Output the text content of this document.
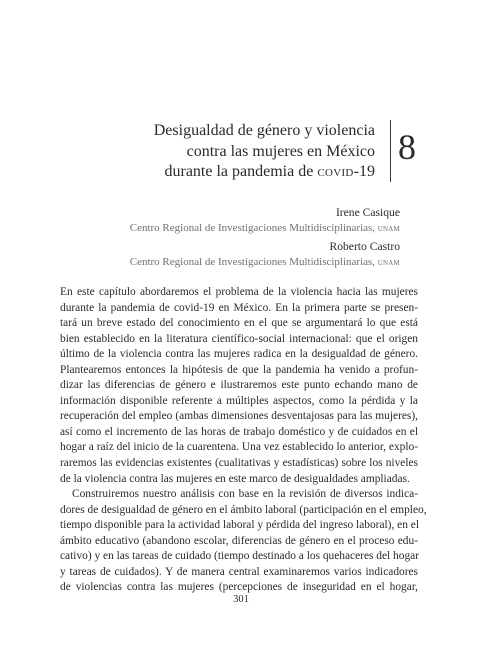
Desigualdad de género y violencia
contra las mujeres en México
durante la pandemia de covid-19
8
Irene Casique
Centro Regional de Investigaciones Multidisciplinarias, unam
Roberto Castro
Centro Regional de Investigaciones Multidisciplinarias, unam

En este capítulo abordaremos el problema de la violencia hacia las mujeres
durante la pandemia de covid-19 en México. En la primera parte se presen-
tará un breve estado del conocimiento en el que se argumentará lo que está
bien establecido en la literatura científico-social internacional: que el origen
último de la violencia contra las mujeres radica en la desigualdad de género.
Plantearemos entonces la hipótesis de que la pandemia ha venido a profun-
dizar las diferencias de género e ilustraremos este punto echando mano de
información disponible referente a múltiples aspectos, como la pérdida y la
recuperación del empleo (ambas dimensiones desventajosas para las mujeres),
así como el incremento de las horas de trabajo doméstico y de cuidados en el
hogar a raíz del inicio de la cuarentena. Una vez establecido lo anterior, explo-
raremos las evidencias existentes (cualitativas y estadísticas) sobre los niveles
de la violencia contra las mujeres en este marco de desigualdades ampliadas.

Construiremos nuestro análisis con base en la revisión de diversos indica-
dores de desigualdad de género en el ámbito laboral (participación en el empleo,
tiempo disponible para la actividad laboral y pérdida del ingreso laboral), en el
ámbito educativo (abandono escolar, diferencias de género en el proceso edu-
cativo) y en las tareas de cuidado (tiempo destinado a los quehaceres del hogar
y tareas de cuidados). Y de manera central examinaremos varios indicadores
de violencias contra las mujeres (percepciones de inseguridad en el hogar,

301
